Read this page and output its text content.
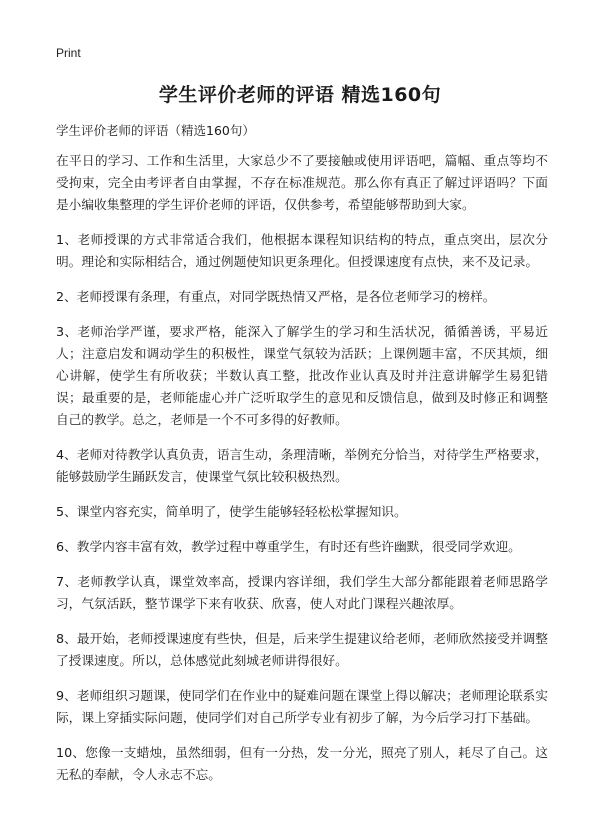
Print
学生评价老师的评语 精选160句

学生评价老师的评语（精选160句）

在平日的学习、工作和生活里，大家总少不了要接触或使用评语吧，篇幅、重点等均不受拘束，完全由考评者自由掌握，不存在标准规范。那么你有真正了解过评语吗？下面是小编收集整理的学生评价老师的评语，仅供参考，希望能够帮助到大家。

1、老师授课的方式非常适合我们，他根据本课程知识结构的特点，重点突出，层次分明。理论和实际相结合，通过例题使知识更条理化。但授课速度有点快，来不及记录。

2、老师授课有条理，有重点，对同学既热情又严格，是各位老师学习的榜样。

3、老师治学严谨，要求严格，能深入了解学生的学习和生活状况，循循善诱，平易近人；注意启发和调动学生的积极性，课堂气氛较为活跃；上课例题丰富，不厌其烦，细心讲解，使学生有所收获；半数认真工整，批改作业认真及时并注意讲解学生易犯错误；最重要的是，老师能虚心并广泛听取学生的意见和反馈信息，做到及时修正和调整自己的教学。总之，老师是一个不可多得的好教师。

4、老师对待教学认真负责，语言生动，条理清晰，举例充分恰当，对待学生严格要求，能够鼓励学生踊跃发言，使课堂气氛比较积极热烈。

5、课堂内容充实，简单明了，使学生能够轻轻松松掌握知识。

6、教学内容丰富有效，教学过程中尊重学生，有时还有些许幽默，很受同学欢迎。

7、老师教学认真，课堂效率高，授课内容详细，我们学生大部分都能跟着老师思路学习，气氛活跃，整节课学下来有收获、欣喜，使人对此门课程兴趣浓厚。

8、最开始，老师授课速度有些快，但是，后来学生提建议给老师，老师欣然接受并调整了授课速度。所以，总体感觉此刻城老师讲得很好。

9、老师组织习题课，使同学们在作业中的疑难问题在课堂上得以解决；老师理论联系实际，课上穿插实际问题，使同学们对自己所学专业有初步了解，为今后学习打下基础。

10、您像一支蜡烛，虽然细弱，但有一分热，发一分光，照亮了别人，耗尽了自己。这无私的奉献，令人永志不忘。
